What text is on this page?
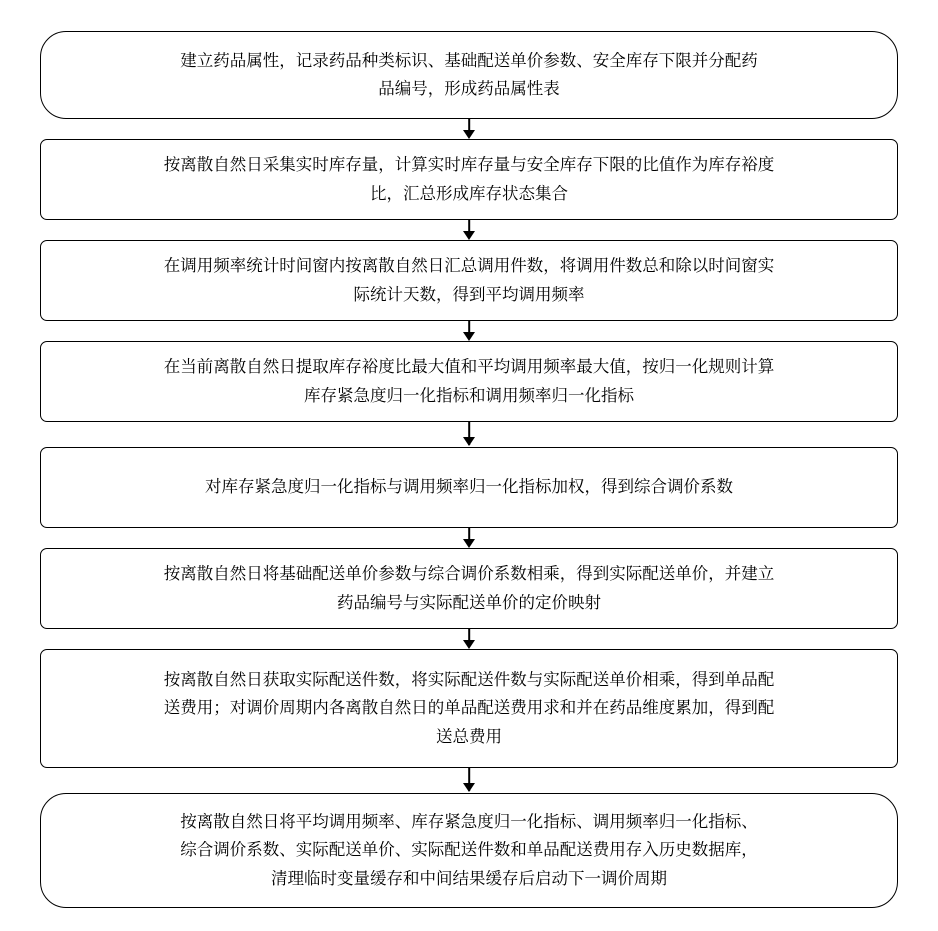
建立药品属性，记录药品种类标识、基础配送单价参数、安全库存下限并分配药
品编号，形成药品属性表
按离散自然日采集实时库存量，计算实时库存量与安全库存下限的比值作为库存裕度
比，汇总形成库存状态集合
在调用频率统计时间窗内按离散自然日汇总调用件数，将调用件数总和除以时间窗实
际统计天数，得到平均调用频率
在当前离散自然日提取库存裕度比最大值和平均调用频率最大值，按归一化规则计算
库存紧急度归一化指标和调用频率归一化指标
对库存紧急度归一化指标与调用频率归一化指标加权，得到综合调价系数
按离散自然日将基础配送单价参数与综合调价系数相乘，得到实际配送单价，并建立
药品编号与实际配送单价的定价映射
按离散自然日获取实际配送件数，将实际配送件数与实际配送单价相乘，得到单品配
送费用；对调价周期内各离散自然日的单品配送费用求和并在药品维度累加，得到配
送总费用
按离散自然日将平均调用频率、库存紧急度归一化指标、调用频率归一化指标、
综合调价系数、实际配送单价、实际配送件数和单品配送费用存入历史数据库，
清理临时变量缓存和中间结果缓存后启动下一调价周期
